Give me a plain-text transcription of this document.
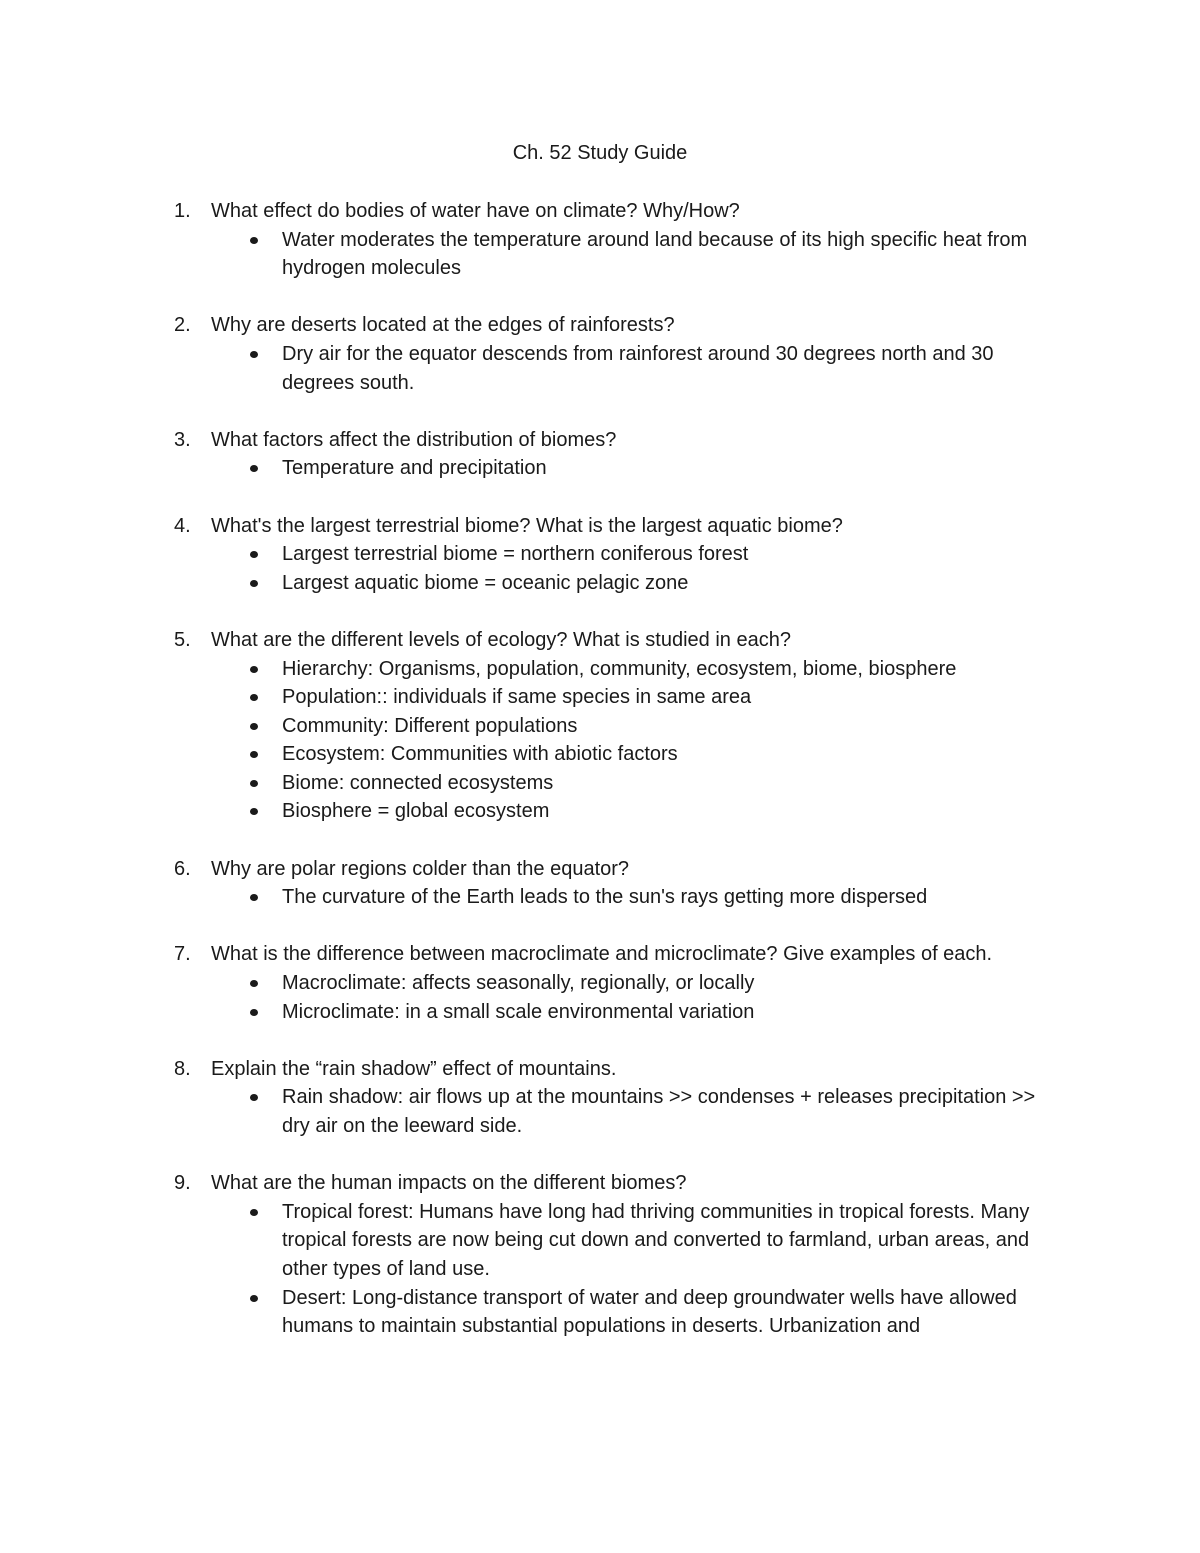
Ch. 52 Study Guide
1.	What effect do bodies of water have on climate? Why/How?
Water moderates the temperature around land because of its high specific heat from hydrogen molecules
2.	Why are deserts located at the edges of rainforests?
Dry air for the equator descends from rainforest around 30 degrees north and 30 degrees south.
3.	What factors affect the distribution of biomes?
Temperature and precipitation
4.	What's the largest terrestrial biome? What is the largest aquatic biome?
Largest terrestrial biome = northern coniferous forest
Largest aquatic biome = oceanic pelagic zone
5.	What are the different levels of ecology? What is studied in each?
Hierarchy: Organisms, population, community, ecosystem, biome, biosphere
Population:: individuals if same species in same area
Community: Different populations
Ecosystem: Communities with abiotic factors
Biome: connected ecosystems
Biosphere = global ecosystem
6.	Why are polar regions colder than the equator?
The curvature of the Earth leads to the sun's rays getting more dispersed
7.	What is the difference between macroclimate and microclimate? Give examples of each.
Macroclimate: affects seasonally, regionally, or locally
Microclimate: in a small scale environmental variation
8.	Explain the “rain shadow” effect of mountains.
Rain shadow: air flows up at the mountains >> condenses + releases precipitation >> dry air on the leeward side.
9.	What are the human impacts on the different biomes?
Tropical forest: Humans have long had thriving communities in tropical forests. Many tropical forests are now being cut down and converted to farmland, urban areas, and other types of land use.
Desert: Long-distance transport of water and deep groundwater wells have allowed humans to maintain substantial populations in deserts. Urbanization and
